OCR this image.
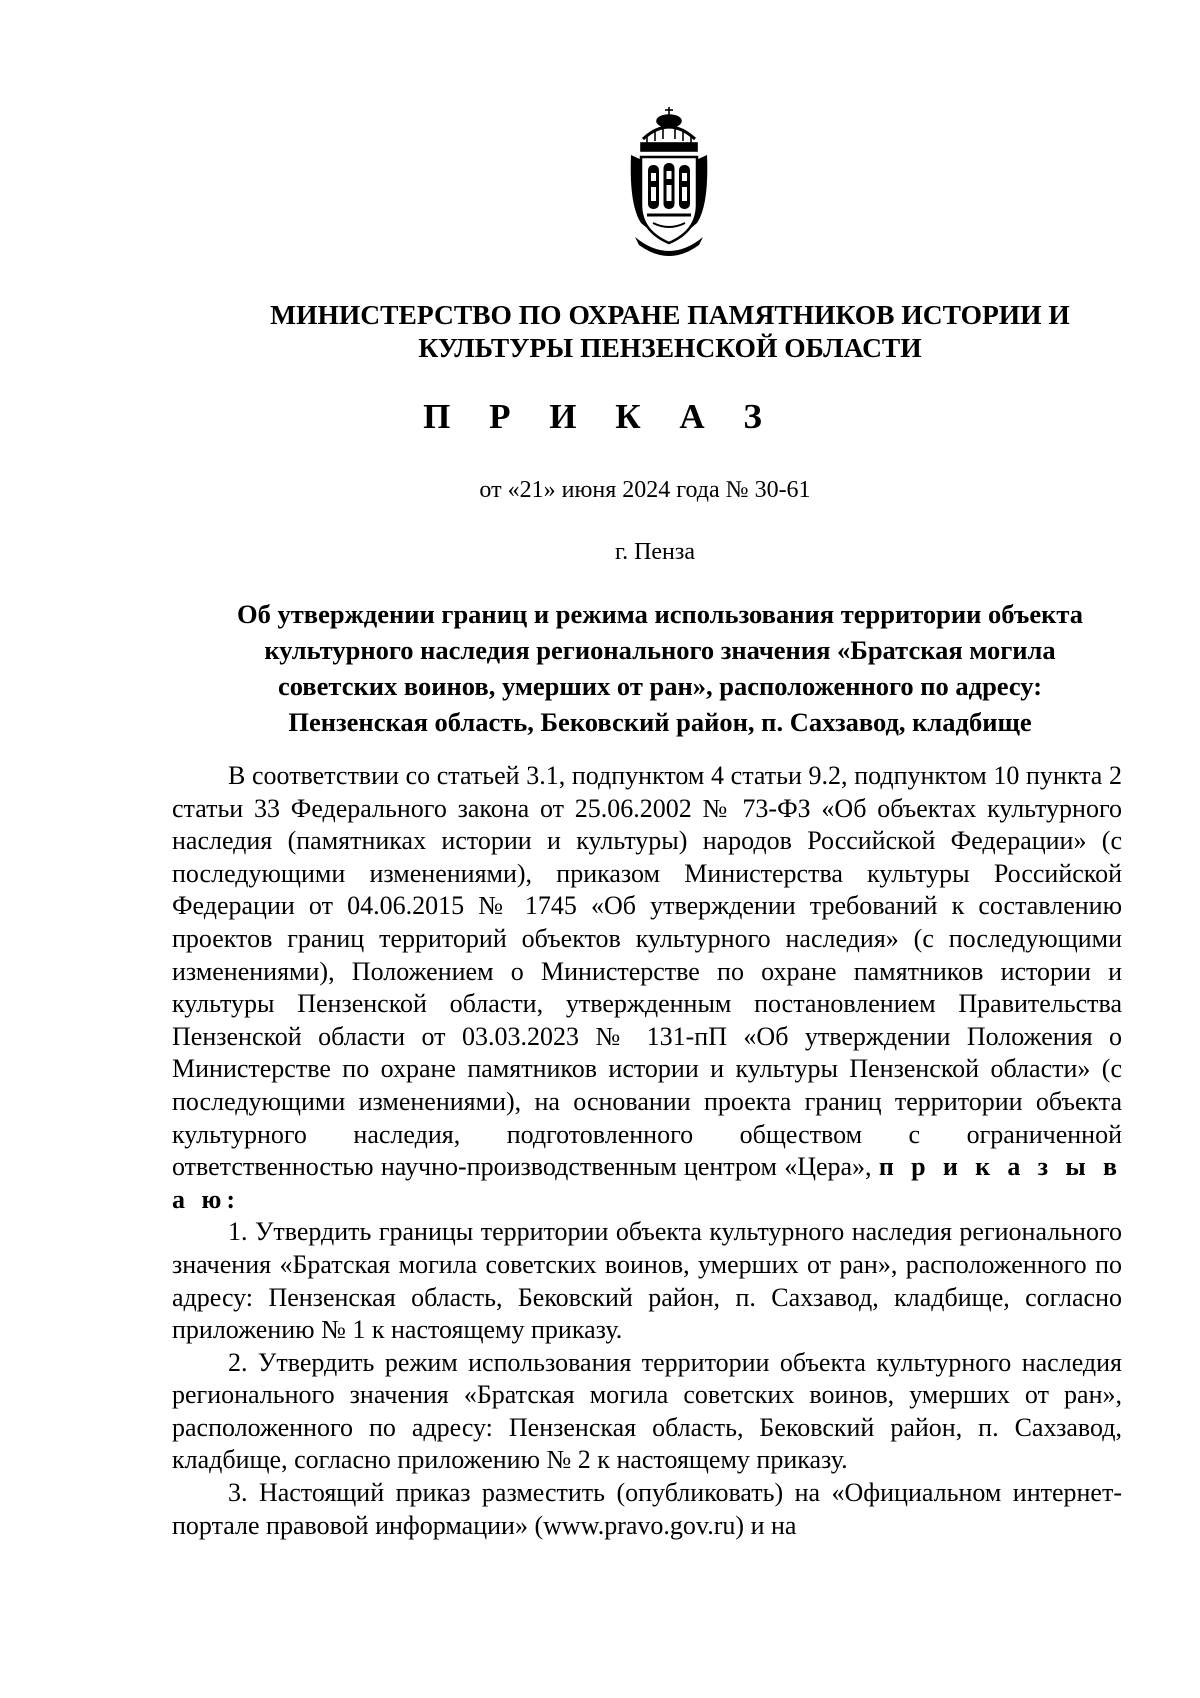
МИНИСТЕРСТВО ПО ОХРАНЕ ПАМЯТНИКОВ ИСТОРИИ И
КУЛЬТУРЫ ПЕНЗЕНСКОЙ ОБЛАСТИ
П Р И К А З
от «21» июня 2024 года № 30-61
г. Пенза
Об утверждении границ и режима использования территории объекта
культурного наследия регионального значения «Братская могила
советских воинов, умерших от ран», расположенного по адресу:
Пензенская область, Бековский район, п. Сахзавод, кладбище

В соответствии со статьей 3.1, подпунктом 4 статьи 9.2, подпунктом 10 пункта 2 статьи 33 Федерального закона от 25.06.2002 № 73-ФЗ «Об объектах культурного наследия (памятниках истории и культуры) народов Российской Федерации» (с последующими изменениями), приказом Министерства культуры Российской Федерации от 04.06.2015 № 1745 «Об утверждении требований к составлению проектов границ территорий объектов культурного наследия» (с последующими изменениями), Положением о Министерстве по охране памятников истории и культуры Пензенской области, утвержденным постановлением Правительства Пензенской области от 03.03.2023 № 131-пП «Об утверждении Положения о Министерстве по охране памятников истории и культуры Пензенской области» (с последующими изменениями), на основании проекта границ территории объекта культурного наследия, подготовленного обществом с ограниченной ответственностью научно-производственным центром «Цера», п р и к а з ы в а ю:

1. Утвердить границы территории объекта культурного наследия регионального значения «Братская могила советских воинов, умерших от ран», расположенного по адресу: Пензенская область, Бековский район, п. Сахзавод, кладбище, согласно приложению № 1 к настоящему приказу.

2. Утвердить режим использования территории объекта культурного наследия регионального значения «Братская могила советских воинов, умерших от ран», расположенного по адресу: Пензенская область, Бековский район, п. Сахзавод, кладбище, согласно приложению № 2 к настоящему приказу.

3. Настоящий приказ разместить (опубликовать) на «Официальном интернет-портале правовой информации» (www.pravo.gov.ru) и на
